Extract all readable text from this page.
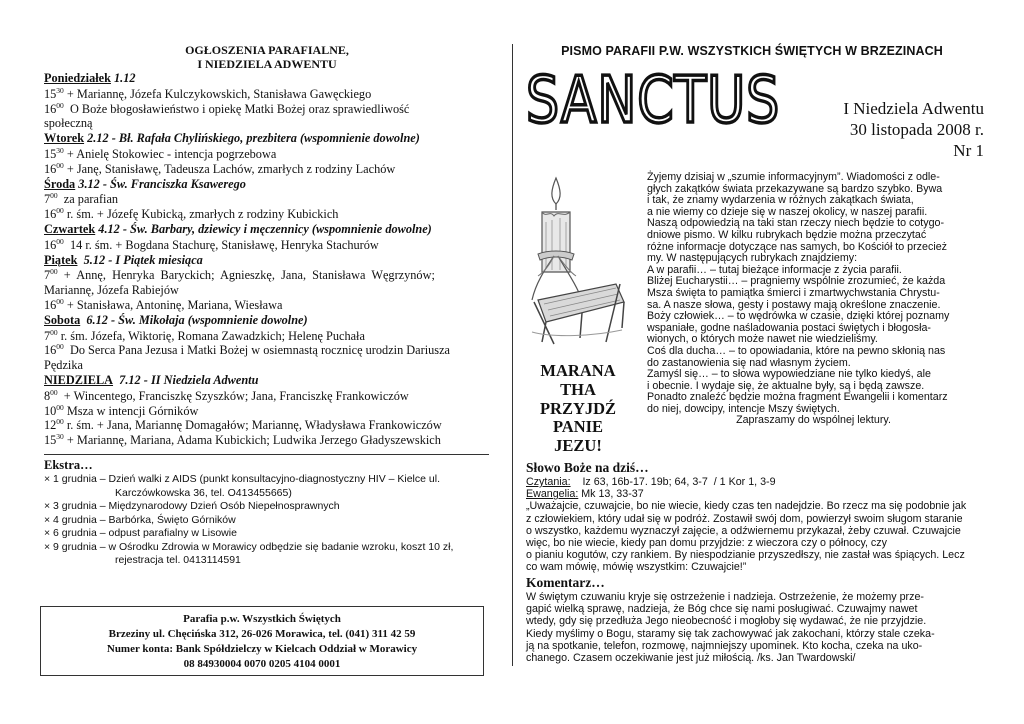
OGŁOSZENIA PARAFIALNE,
I NIEDZIELA ADWENTU
Poniedziałek 1.12
$15^{30}$ + Mariannę, Józefa Kulczykowskich, Stanisława Gawęckiego
$16^{00}$  O Boże błogosławieństwo i opiekę Matki Bożej oraz sprawiedliwość
społeczną
Wtorek 2.12 - Bł. Rafała Chylińskiego, prezbitera (wspomnienie dowolne)
$15^{30}$ + Anielę Stokowiec - intencja pogrzebowa
$16^{00}$ + Janę, Stanisławę, Tadeusza Lachów, zmarłych z rodziny Lachów
Środa 3.12 - Św. Franciszka Ksawerego
$7^{00}$  za parafian
$16^{00}$ r. śm. + Józefę Kubicką, zmarłych z rodziny Kubickich
Czwartek 4.12 - Św. Barbary, dziewicy i męczennicy (wspomnienie dowolne)
$16^{00}$  14 r. śm. + Bogdana Stachurę, Stanisławę, Henryka Stachurów
Piątek  5.12 - I Piątek miesiąca
$7^{00}$  +  Annę,  Henryka  Baryckich;  Agnieszkę,  Jana,  Stanisława  Węgrzynów;
Mariannę, Józefa Rabiejów
$16^{00}$ + Stanisława, Antoninę, Mariana, Wiesława
Sobota  6.12 - Św. Mikołaja (wspomnienie dowolne)
$7^{00}$ r. śm. Józefa, Wiktorię, Romana Zawadzkich; Helenę Puchała
$16^{00}$  Do Serca Pana Jezusa i Matki Bożej w osiemnastą rocznicę urodzin Dariusza
Pędzika
NIEDZIELA  7.12 - II Niedziela Adwentu
$8^{00}$  + Wincentego, Franciszkę Szyszków; Jana, Franciszkę Frankowiczów
$10^{00}$ Msza w intencji Górników
$12^{00}$ r. śm. + Jana, Mariannę Domagałów; Mariannę, Władysława Frankowiczów
$15^{30}$ + Mariannę, Mariana, Adama Kubickich; Ludwika Jerzego Gładyszewskich
Ekstra…
× 1 grudnia – Dzień walki z AIDS (punkt konsultacyjno-diagnostyczny HIV – Kielce ul.
Karczówkowska 36, tel. O413455665)
× 3 grudnia – Międzynarodowy Dzień Osób Niepełnosprawnych
× 4 grudnia – Barbórka, Święto Górników
× 6 grudnia – odpust parafialny w Lisowie
× 9 grudnia – w Ośrodku Zdrowia w Morawicy odbędzie się badanie wzroku, koszt 10 zł,
rejestracja tel. 0413114591
Parafia p.w. Wszystkich Świętych
Brzeziny ul. Chęcińska 312, 26-026 Morawica, tel. (041) 311 42 59
Numer konta: Bank Spółdzielczy w Kielcach Oddział w Morawicy
08 84930004 0070 0205 4104 0001
PISMO PARAFII P.W. WSZYSTKICH ŚWIĘTYCH W BRZEZINACH
SANCTUS	I Niedziela Adwentu
30 listopada 2008 r.
Nr 1
MARANA
THA
PRZYJDŹ
PANIE
JEZU!

Żyjemy dzisiaj w „szumie informacyjnym”. Wiadomości z odle-

głych zakątków świata przekazywane są bardzo szybko. Bywa

i tak, że znamy wydarzenia w różnych zakątkach świata,

a nie wiemy co dzieje się w naszej okolicy, w naszej parafii.

Naszą odpowiedzią na taki stan rzeczy niech będzie to cotygo-

dniowe pismo. W kilku rubrykach będzie można przeczytać

różne informacje dotyczące nas samych, bo Kościół to przecież

my. W następujących rubrykach znajdziemy:

A w parafii… – tutaj bieżące informacje z życia parafii.

Bliżej Eucharystii… – pragniemy wspólnie zrozumieć, że każda

Msza święta to pamiątka śmierci i zmartwychwstania Chrystu-

sa. A nasze słowa, gesty i postawy mają określone znaczenie.

Boży człowiek… – to wędrówka w czasie, dzięki której poznamy

wspaniałe, godne naśladowania postaci świętych i błogosła-

wionych, o których może nawet nie wiedzieliśmy.

Coś dla ducha… – to opowiadania, które na pewno skłonią nas

do zastanowienia się nad własnym życiem.

Zamyśl się… – to słowa wypowiedziane nie tylko kiedyś, ale

i obecnie. I wydaje się, że aktualne były, są i będą zawsze.

Ponadto znaleźć będzie można fragment Ewangelii i komentarz

do niej, dowcipy, intencje Mszy świętych.

Zapraszamy do wspólnej lektury.

Słowo Boże na dziś…
Czytania:    Iz 63, 16b-17. 19b; 64, 3-7  / 1 Kor 1, 3-9
Ewangelia: Mk 13, 33-37
„Uważajcie, czuwajcie, bo nie wiecie, kiedy czas ten nadejdzie. Bo rzecz ma się podobnie jak
z człowiekiem, który udał się w podróż. Zostawił swój dom, powierzył swoim sługom staranie
o wszystko, każdemu wyznaczył zajęcie, a odźwiernemu przykazał, żeby czuwał. Czuwajcie
więc, bo nie wiecie, kiedy pan domu przyjdzie: z wieczora czy o północy, czy
o pianiu kogutów, czy rankiem. By niespodzianie przyszedłszy, nie zastał was śpiących. Lecz
co wam mówię, mówię wszystkim: Czuwajcie!”
Komentarz…
W świętym czuwaniu kryje się ostrzeżenie i nadzieja. Ostrzeżenie, że możemy prze-
gapić wielką sprawę, nadzieja, że Bóg chce się nami posługiwać. Czuwajmy nawet
wtedy, gdy się przedłuża Jego nieobecność i mogłoby się wydawać, że nie przyjdzie.
Kiedy myślimy o Bogu, staramy się tak zachowywać jak zakochani, którzy stale czeka-
ją na spotkanie, telefon, rozmowę, najmniejszy upominek. Kto kocha, czeka na uko-
chanego. Czasem oczekiwanie jest już miłością. /ks. Jan Twardowski/
